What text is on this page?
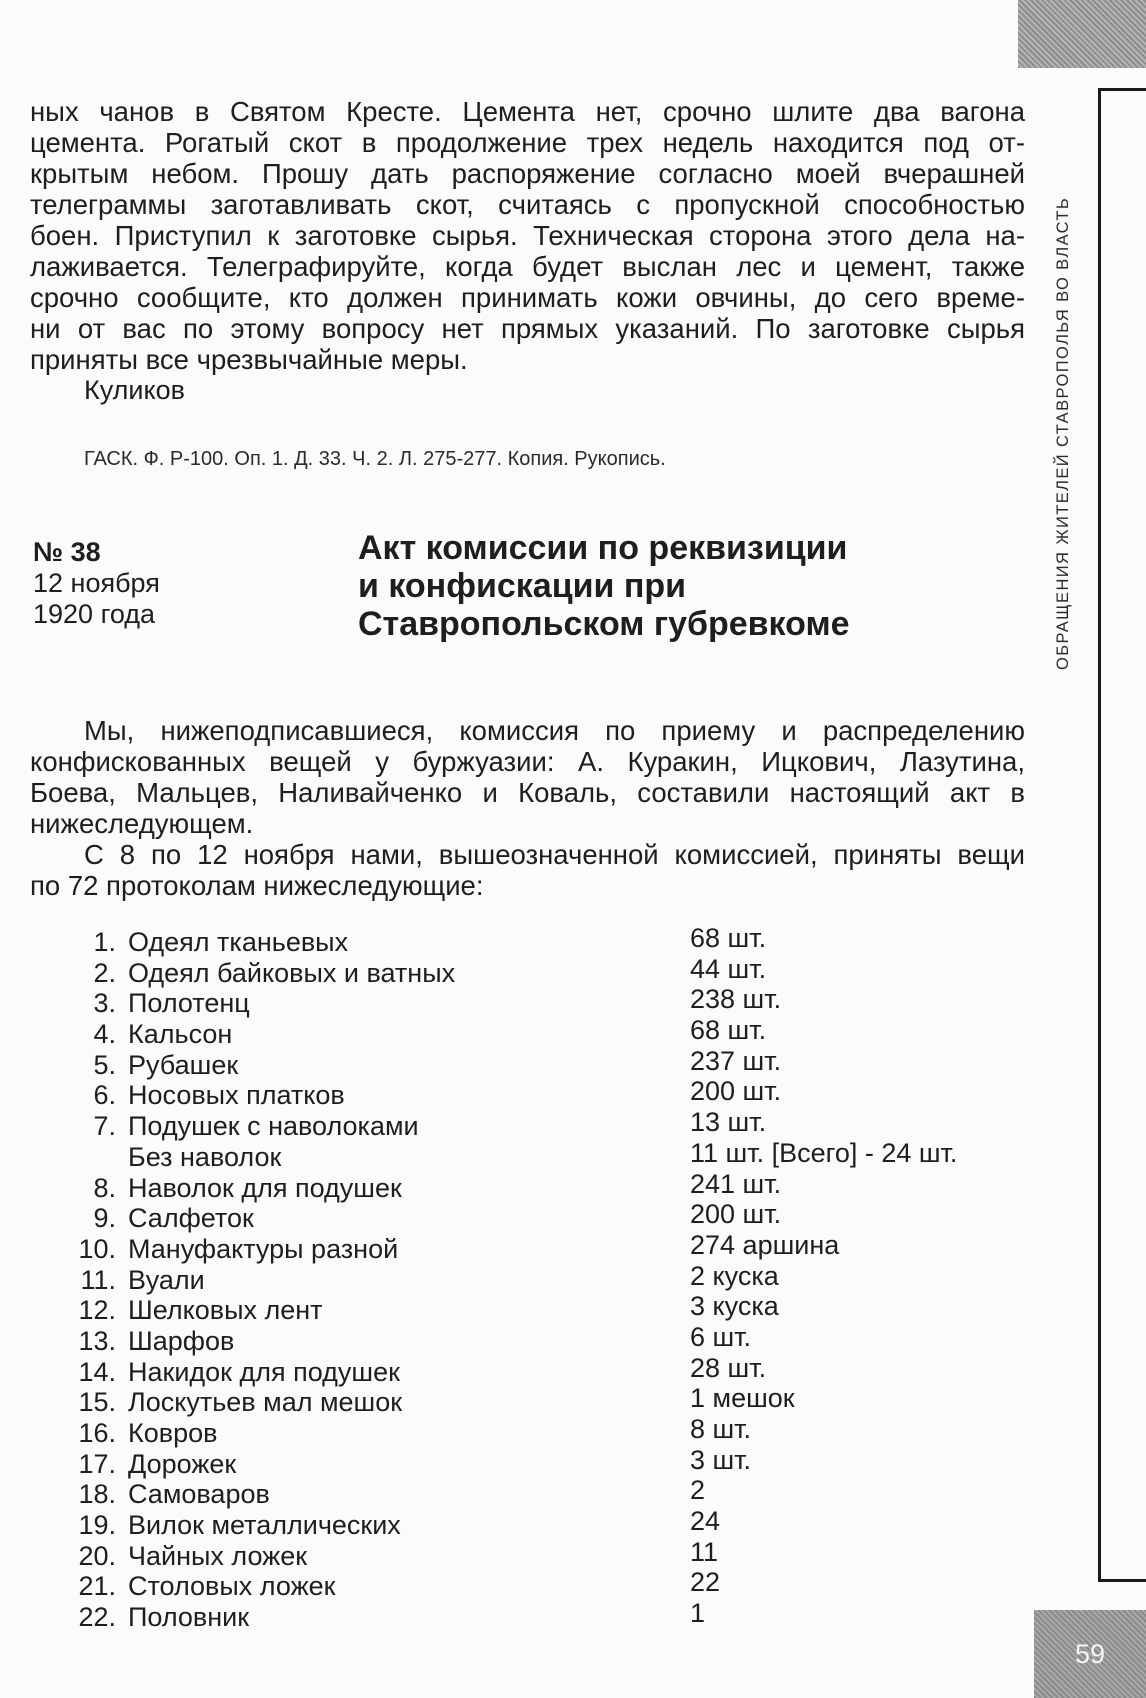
ОБРАЩЕНИЯ ЖИТЕЛЕЙ СТАВРОПОЛЬЯ ВО ВЛАСТЬ
59
ных чанов в Святом Кресте. Цемента нет, срочно шлите два вагона
цемента. Рогатый скот в продолжение трех недель находится под от-
крытым небом. Прошу дать распоряжение согласно моей вчерашней
телеграммы заготавливать скот, считаясь с пропускной способностью
боен. Приступил к заготовке сырья. Техническая сторона этого дела на-
лаживается. Телеграфируйте, когда будет выслан лес и цемент, также
срочно сообщите, кто должен принимать кожи овчины, до сего време-
ни от вас по этому вопросу нет прямых указаний. По заготовке сырья
приняты все чрезвычайные меры.

Куликов

ГАСК. Ф. Р-100. Оп. 1. Д. 33. Ч. 2. Л. 275-277. Копия. Рукопись.

№ 38
12 ноября
1920 года
Акт комиссии по реквизиции
и конфискации при
Ставропольском губревкоме
Мы, нижеподписавшиеся, комиссия по приему и распределению
конфискованных вещей у буржуазии: А. Куракин, Ицкович, Лазутина,
Боева, Мальцев, Наливайченко и Коваль, составили настоящий акт в
нижеследующем.
С 8 по 12 ноября нами, вышеозначенной комиссией, приняты вещи
по 72 протоколам нижеследующие:
1. Одеял тканьевых	68 шт.
2. Одеял байковых и ватных	44 шт.
3. Полотенц	238 шт.
4. Кальсон	68 шт.
5. Рубашек	237 шт.
6. Носовых платков	200 шт.
7. Подушек с наволоками	13 шт.
Без наволок	11 шт. [Всего] - 24 шт.
8. Наволок для подушек	241 шт.
9. Салфеток	200 шт.
10. Мануфактуры разной	274 аршина
11. Вуали	2 куска
12. Шелковых лент	3 куска
13. Шарфов	6 шт.
14. Накидок для подушек	28 шт.
15. Лоскутьев мал мешок	1 мешок
16. Ковров	8 шт.
17. Дорожек	3 шт.
18. Самоваров	2
19. Вилок металлических	24
20. Чайных ложек	11
21. Столовых ложек	22
22. Половник	1
